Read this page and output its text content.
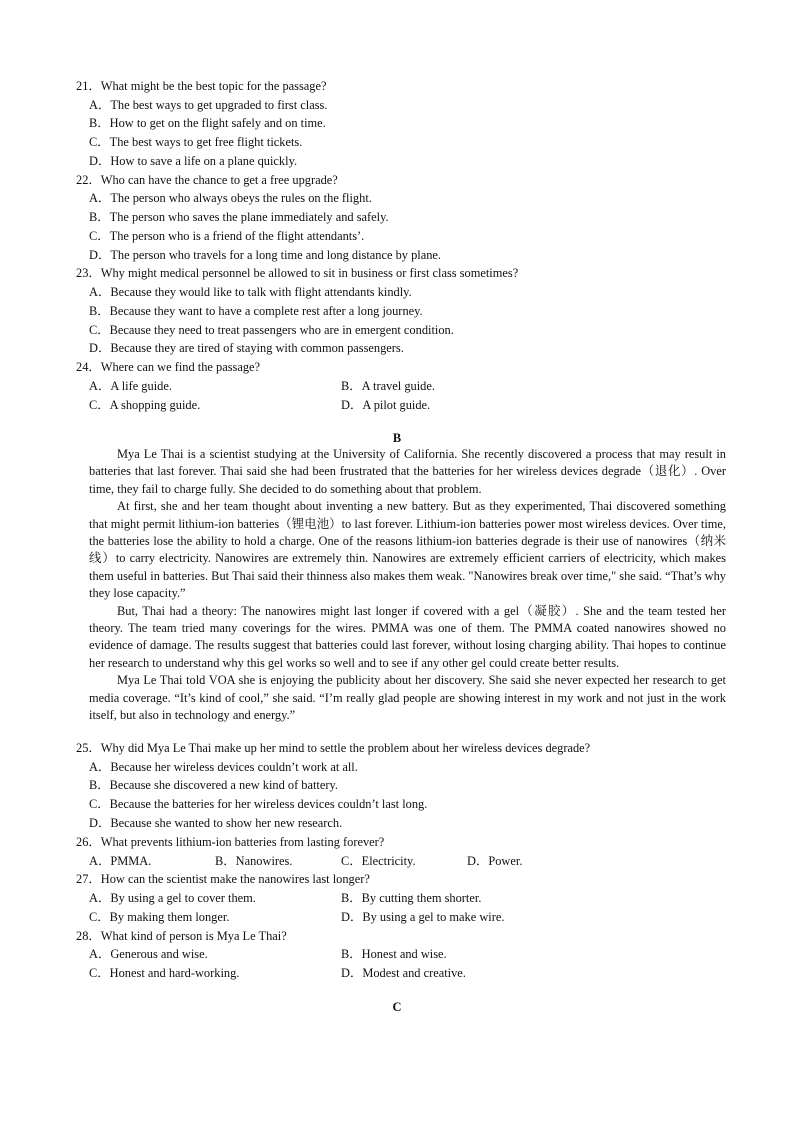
21．What might be the best topic for the passage?
A．The best ways to get upgraded to first class.
B．How to get on the flight safely and on time.
C．The best ways to get free flight tickets.
D．How to save a life on a plane quickly.
22．Who can have the chance to get a free upgrade?
A．The person who always obeys the rules on the flight.
B．The person who saves the plane immediately and safely.
C．The person who is a friend of the flight attendants’.
D．The person who travels for a long time and long distance by plane.
23．Why might medical personnel be allowed to sit in business or first class sometimes?
A．Because they would like to talk with flight attendants kindly.
B．Because they want to have a complete rest after a long journey.
C．Because they need to treat passengers who are in emergent condition.
D．Because they are tired of staying with common passengers.
24．Where can we find the passage?
A．A life guide.	B．A travel guide.
C．A shopping guide.	D．A pilot guide.
B

Mya Le Thai is a scientist studying at the University of California. She recently discovered a process that may result in batteries that last forever. Thai said she had been frustrated that the batteries for her wireless devices degrade（退化）. Over time, they fail to charge fully. She decided to do something about that problem.

At first, she and her team thought about inventing a new battery. But as they experimented, Thai discovered something that might permit lithium-ion batteries（锂电池）to last forever. Lithium-ion batteries power most wireless devices. Over time, the batteries lose the ability to hold a charge. One of the reasons lithium-ion batteries degrade is their use of nanowires（纳米线）to carry electricity. Nanowires are extremely thin. Nanowires are extremely efficient carriers of electricity, which makes them useful in batteries. But Thai said their thinness also makes them weak. "Nanowires break over time," she said. “That’s why they lose capacity.”

But, Thai had a theory: The nanowires might last longer if covered with a gel（凝胶）. She and the team tested her theory. The team tried many coverings for the wires. PMMA was one of them. The PMMA coated nanowires showed no evidence of damage. The results suggest that batteries could last forever, without losing charging ability. Thai hopes to continue her research to understand why this gel works so well and to see if any other gel could create better results.

Mya Le Thai told VOA she is enjoying the publicity about her discovery. She said she never expected her research to get media coverage. “It’s kind of cool,” she said. “I’m really glad people are showing interest in my work and not just in the work itself, but also in technology and energy.”

25．Why did Mya Le Thai make up her mind to settle the problem about her wireless devices degrade?
A．Because her wireless devices couldn’t work at all.
B．Because she discovered a new kind of battery.
C．Because the batteries for her wireless devices couldn’t last long.
D．Because she wanted to show her new research.
26．What prevents lithium-ion batteries from lasting forever?
A．PMMA.	B．Nanowires.	C．Electricity.	D．Power.
27．How can the scientist make the nanowires last longer?
A．By using a gel to cover them.	B．By cutting them shorter.
C．By making them longer.	D．By using a gel to make wire.
28．What kind of person is Mya Le Thai?
A．Generous and wise.	B．Honest and wise.
C．Honest and hard-working.	D．Modest and creative.
C
